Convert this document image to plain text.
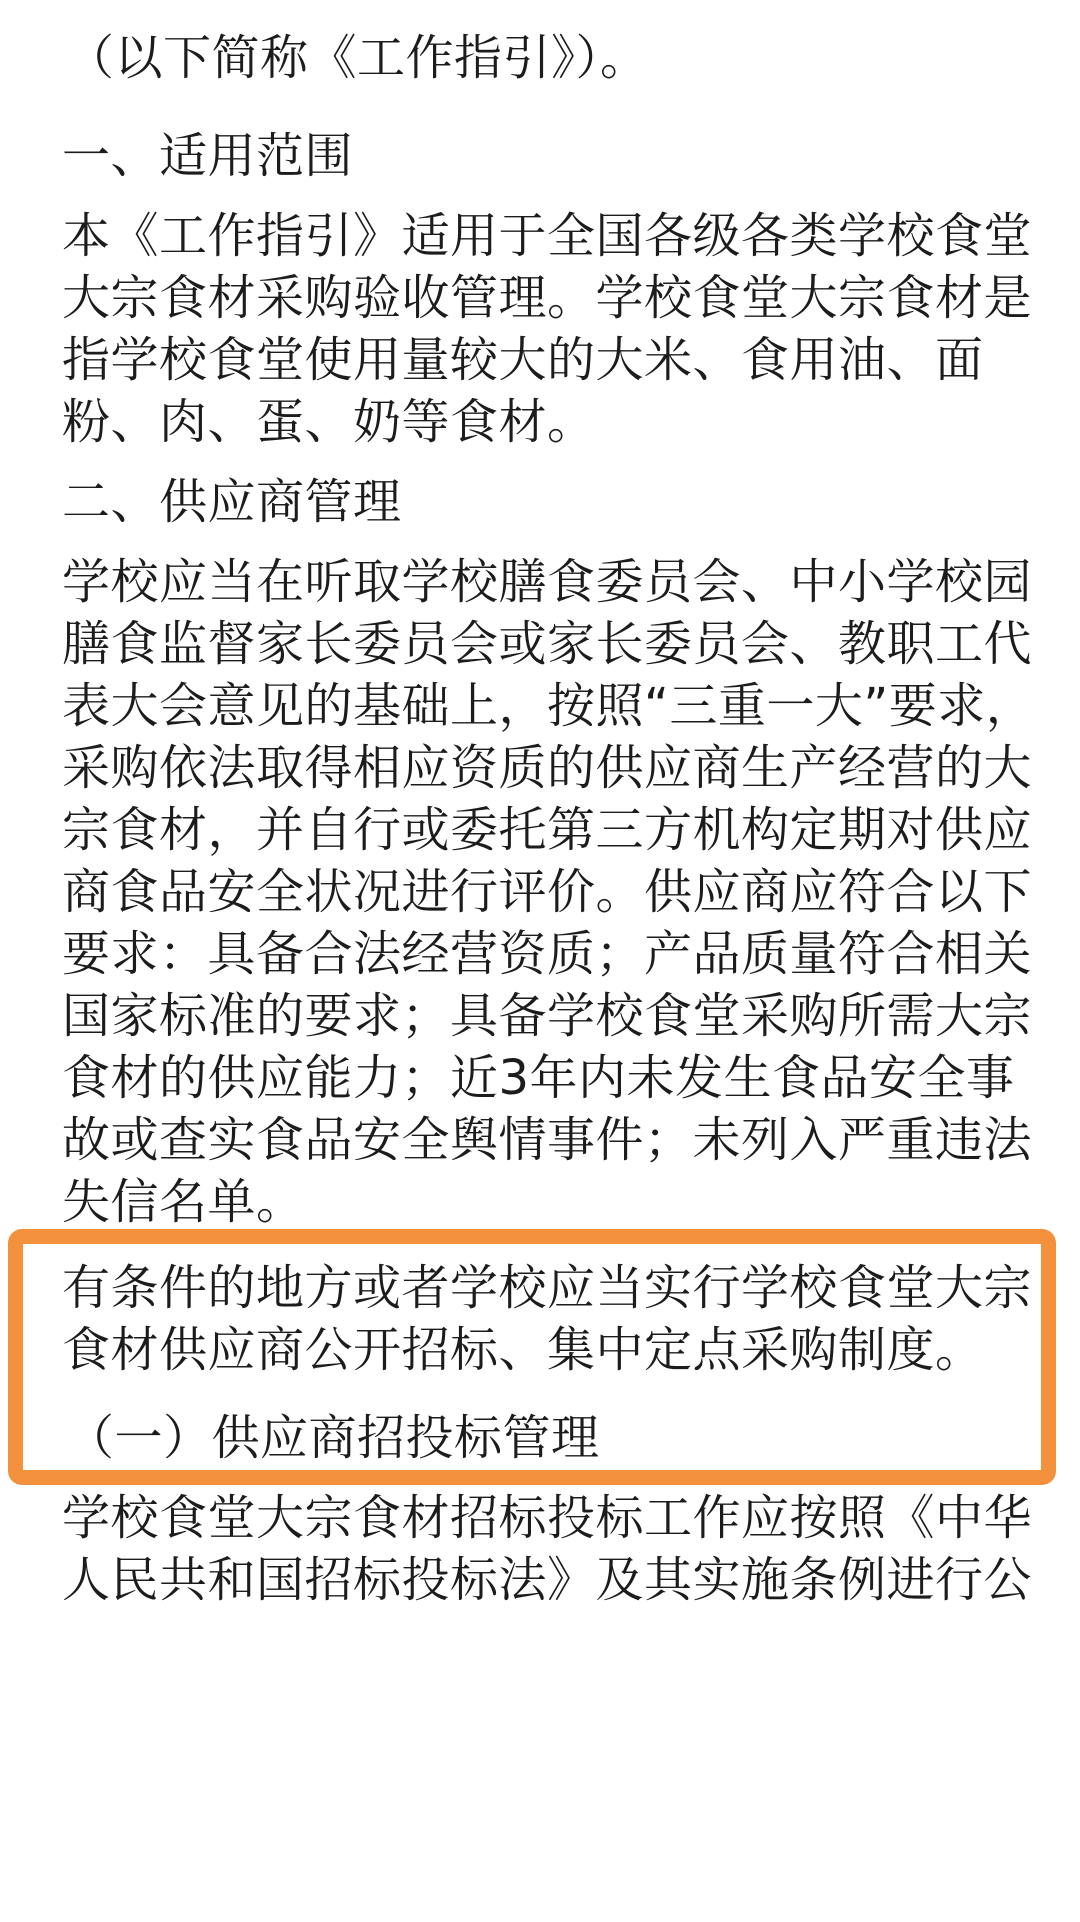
（以下简称《工作指引》）。
一、适用范围
本《工作指引》适用于全国各级各类学校食堂
大宗食材采购验收管理。学校食堂大宗食材是
指学校食堂使用量较大的大米、食用油、面
粉、肉、蛋、奶等食材。
二、供应商管理
学校应当在听取学校膳食委员会、中小学校园
膳食监督家长委员会或家长委员会、教职工代
表大会意见的基础上，按照“三重一大”要求，
采购依法取得相应资质的供应商生产经营的大
宗食材，并自行或委托第三方机构定期对供应
商食品安全状况进行评价。供应商应符合以下
要求：具备合法经营资质；产品质量符合相关
国家标准的要求；具备学校食堂采购所需大宗
食材的供应能力；近3年内未发生食品安全事
故或查实食品安全舆情事件；未列入严重违法
失信名单。
有条件的地方或者学校应当实行学校食堂大宗
食材供应商公开招标、集中定点采购制度。
（一）供应商招投标管理
学校食堂大宗食材招标投标工作应按照《中华
人民共和国招标投标法》及其实施条例进行公
